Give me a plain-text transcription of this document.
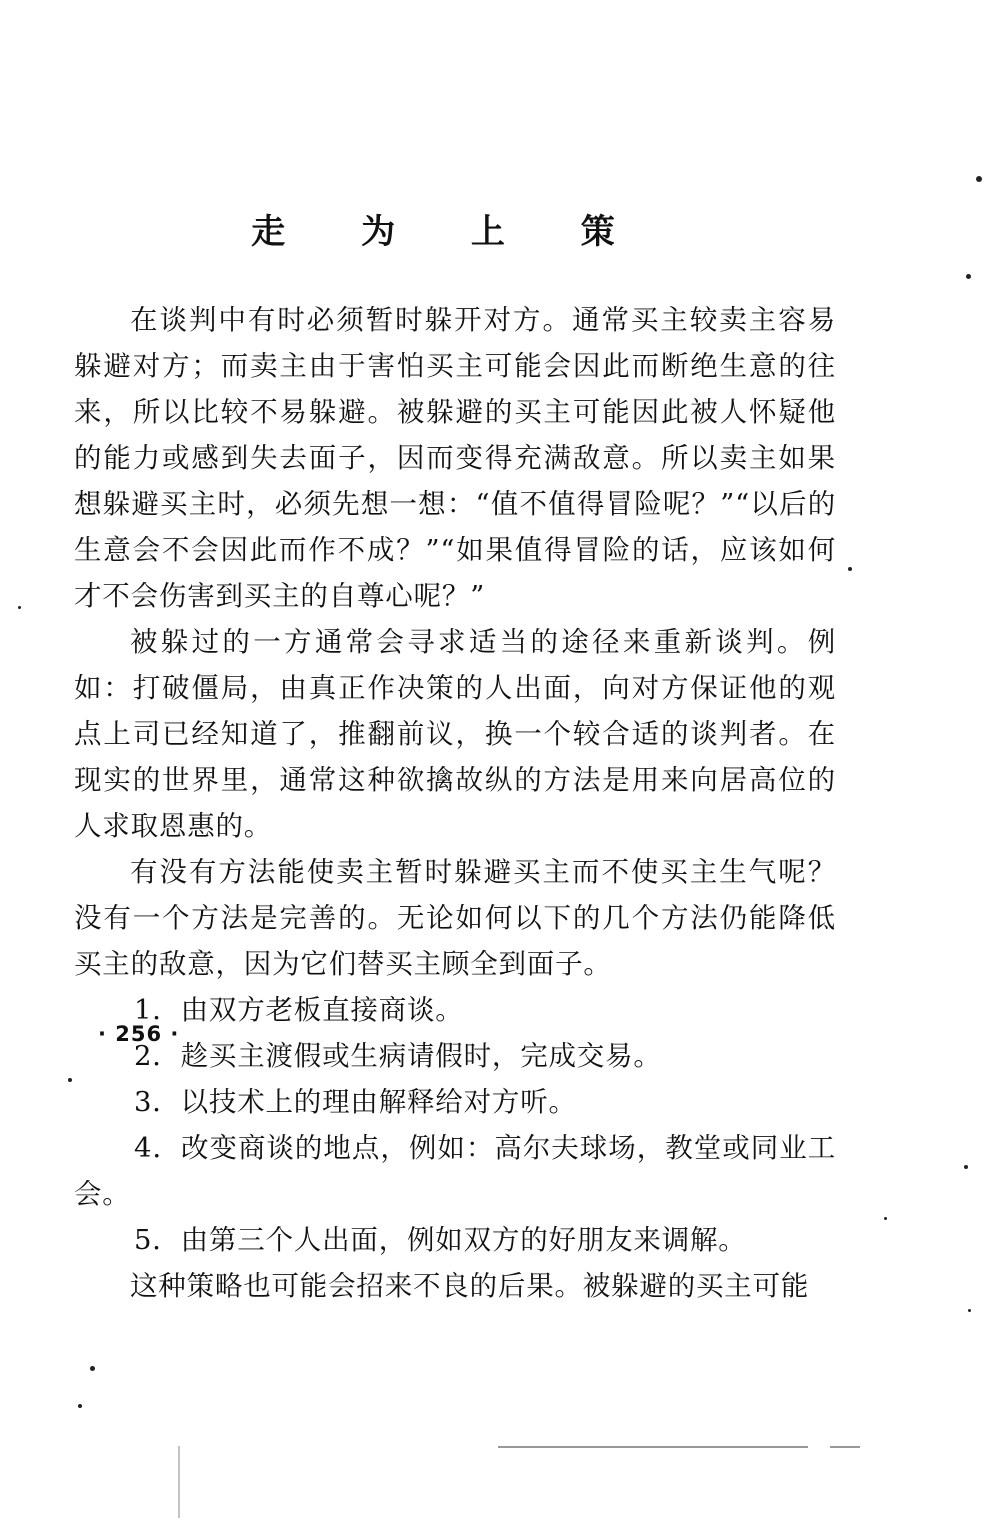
走 为 上 策

在谈判中有时必须暂时躲开对方。通常买主较卖主容易躲避对方；而卖主由于害怕买主可能会因此而断绝生意的往来，所以比较不易躲避。被躲避的买主可能因此被人怀疑他的能力或感到失去面子，因而变得充满敌意。所以卖主如果想躲避买主时，必须先想一想：“值不值得冒险呢？”“以后的生意会不会因此而作不成？”“如果值得冒险的话，应该如何才不会伤害到买主的自尊心呢？”

被躲过的一方通常会寻求适当的途径来重新谈判。例如：打破僵局，由真正作决策的人出面，向对方保证他的观点上司已经知道了，推翻前议，换一个较合适的谈判者。在现实的世界里，通常这种欲擒故纵的方法是用来向居高位的人求取恩惠的。

有没有方法能使卖主暂时躲避买主而不使买主生气呢？没有一个方法是完善的。无论如何以下的几个方法仍能降低买主的敌意，因为它们替买主顾全到面子。

1．由双方老板直接商谈。

2．趁买主渡假或生病请假时，完成交易。

3．以技术上的理由解释给对方听。

4．改变商谈的地点，例如：高尔夫球场，教堂或同业工会。

5．由第三个人出面，例如双方的好朋友来调解。

这种策略也可能会招来不良的后果。被躲避的买主可能

· 256 ·
